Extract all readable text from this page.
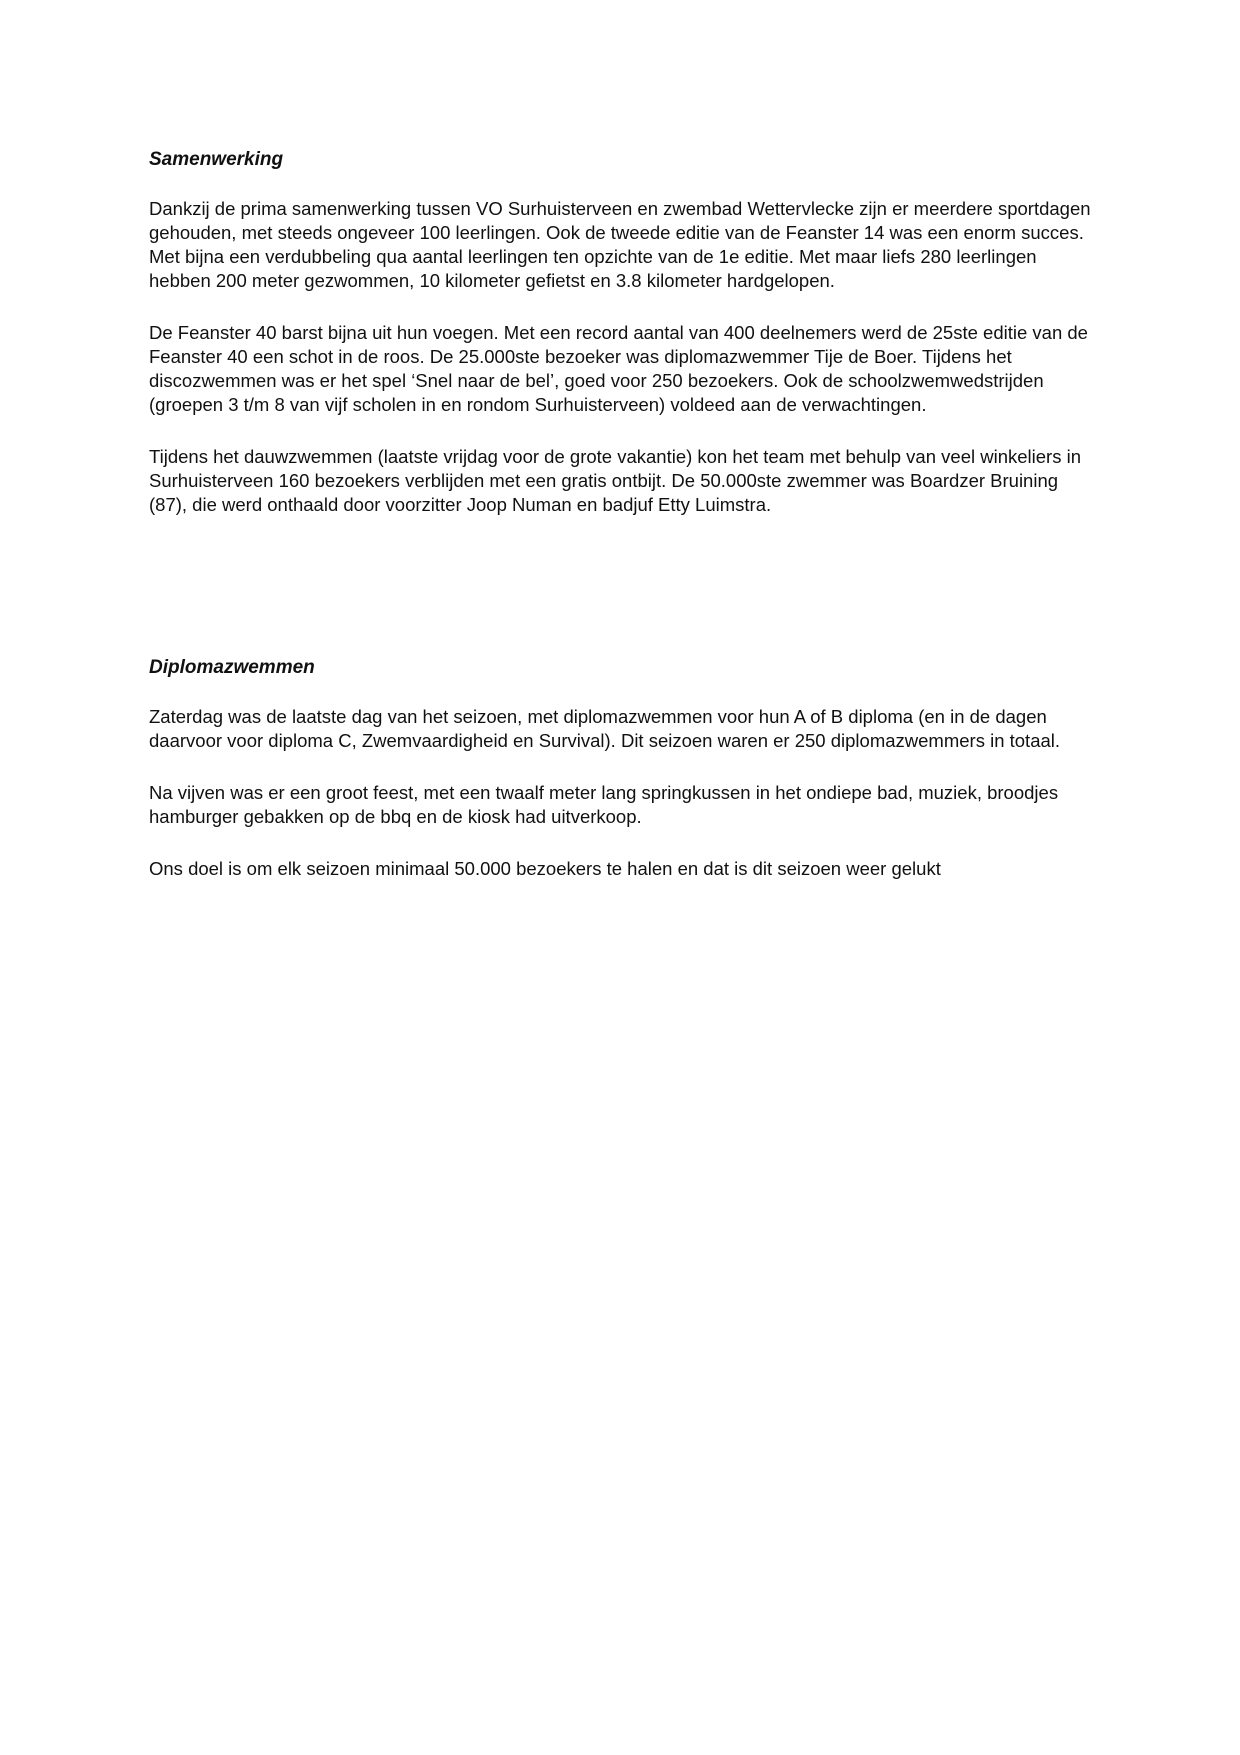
Samenwerking

Dankzij de prima samenwerking tussen VO Surhuisterveen en zwembad Wettervlecke zijn er meerdere sportdagen gehouden, met steeds ongeveer 100 leerlingen. Ook de tweede editie van de Feanster 14 was een enorm succes. Met bijna een verdubbeling qua aantal leerlingen ten opzichte van de 1e editie. Met maar liefs 280 leerlingen hebben 200 meter gezwommen, 10 kilometer gefietst en 3.8 kilometer hardgelopen.

De Feanster 40 barst bijna uit hun voegen. Met een record aantal van 400 deelnemers werd de 25ste editie van de Feanster 40 een schot in de roos. De 25.000ste bezoeker was diplomazwemmer Tije de Boer. Tijdens het discozwemmen was er het spel ‘Snel naar de bel’, goed voor 250 bezoekers. Ook de schoolzwemwedstrijden (groepen 3 t/m 8 van vijf scholen in en rondom Surhuisterveen) voldeed aan de verwachtingen.

Tijdens het dauwzwemmen (laatste vrijdag voor de grote vakantie) kon het team met behulp van veel winkeliers in Surhuisterveen 160 bezoekers verblijden met een gratis ontbijt. De 50.000ste zwemmer was Boardzer Bruining (87), die werd onthaald door voorzitter Joop Numan en badjuf Etty Luimstra.

Diplomazwemmen

Zaterdag was de laatste dag van het seizoen, met diplomazwemmen voor hun A of B diploma (en in de dagen daarvoor voor diploma C, Zwemvaardigheid en Survival). Dit seizoen waren er 250 diplomazwemmers in totaal.

Na vijven was er een groot feest, met een twaalf meter lang springkussen in het ondiepe bad, muziek, broodjes hamburger gebakken op de bbq en de kiosk had uitverkoop.

Ons doel is om elk seizoen minimaal 50.000 bezoekers te halen en dat is dit seizoen weer gelukt
